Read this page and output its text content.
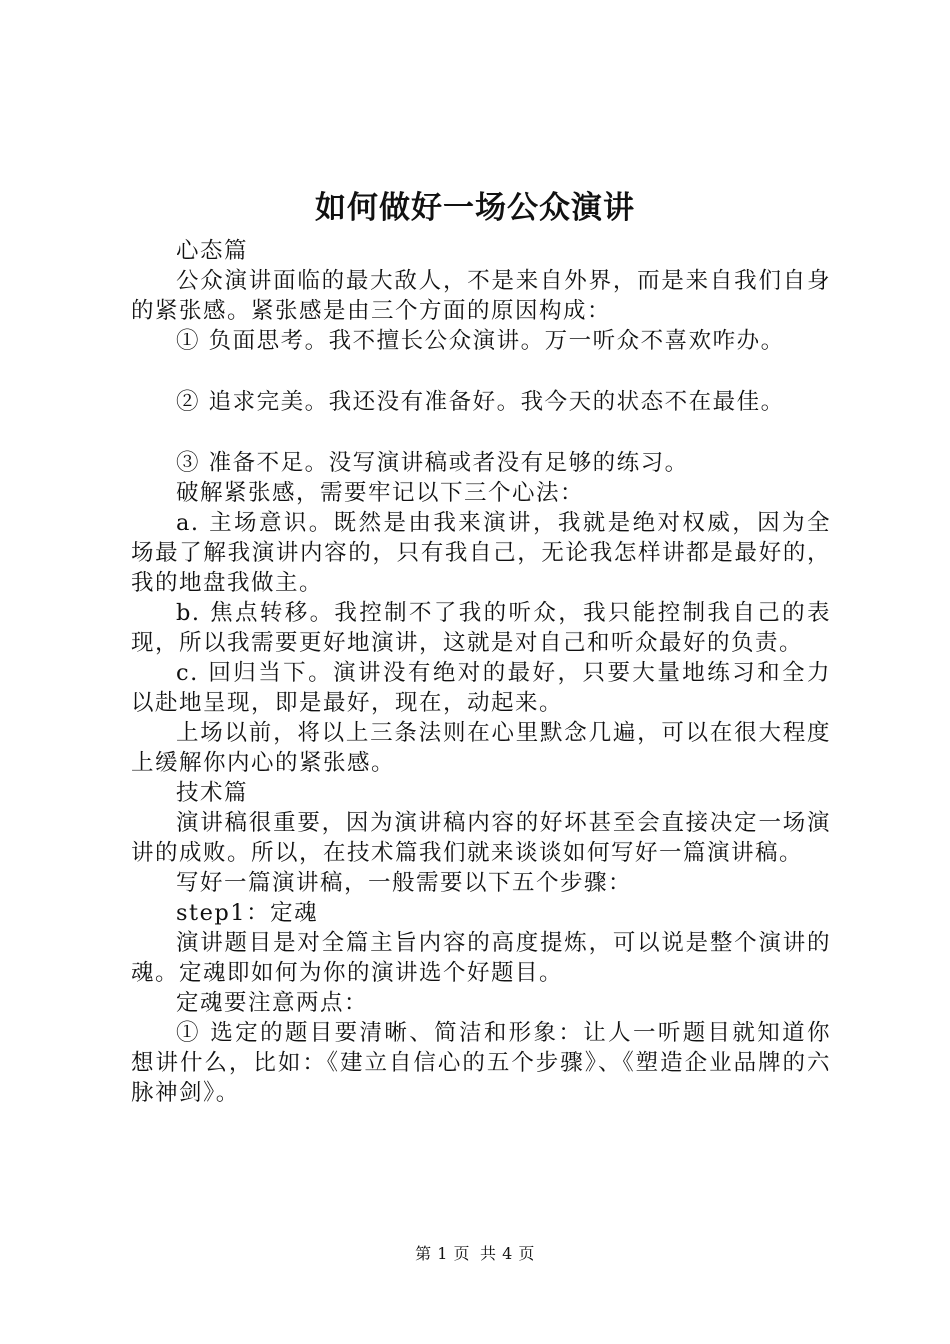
如何做好一场公众演讲

心态篇

公众演讲面临的最大敌人，不是来自外界，而是来自我们自身的紧张感。紧张感是由三个方面的原因构成：

① 负面思考。我不擅长公众演讲。万一听众不喜欢咋办。

② 追求完美。我还没有准备好。我今天的状态不在最佳。

③ 准备不足。没写演讲稿或者没有足够的练习。

破解紧张感，需要牢记以下三个心法：

a. 主场意识。既然是由我来演讲，我就是绝对权威，因为全场最了解我演讲内容的，只有我自己，无论我怎样讲都是最好的，我的地盘我做主。

b. 焦点转移。我控制不了我的听众，我只能控制我自己的表现，所以我需要更好地演讲，这就是对自己和听众最好的负责。

c. 回归当下。演讲没有绝对的最好，只要大量地练习和全力以赴地呈现，即是最好，现在，动起来。

上场以前，将以上三条法则在心里默念几遍，可以在很大程度上缓解你内心的紧张感。

技术篇

演讲稿很重要，因为演讲稿内容的好坏甚至会直接决定一场演讲的成败。所以，在技术篇我们就来谈谈如何写好一篇演讲稿。

写好一篇演讲稿，一般需要以下五个步骤：

step1：定魂

演讲题目是对全篇主旨内容的高度提炼，可以说是整个演讲的魂。定魂即如何为你的演讲选个好题目。

定魂要注意两点：

① 选定的题目要清晰、简洁和形象：让人一听题目就知道你想讲什么，比如：《建立自信心的五个步骤》、《塑造企业品牌的六脉神剑》。

第 1 页 共 4 页
